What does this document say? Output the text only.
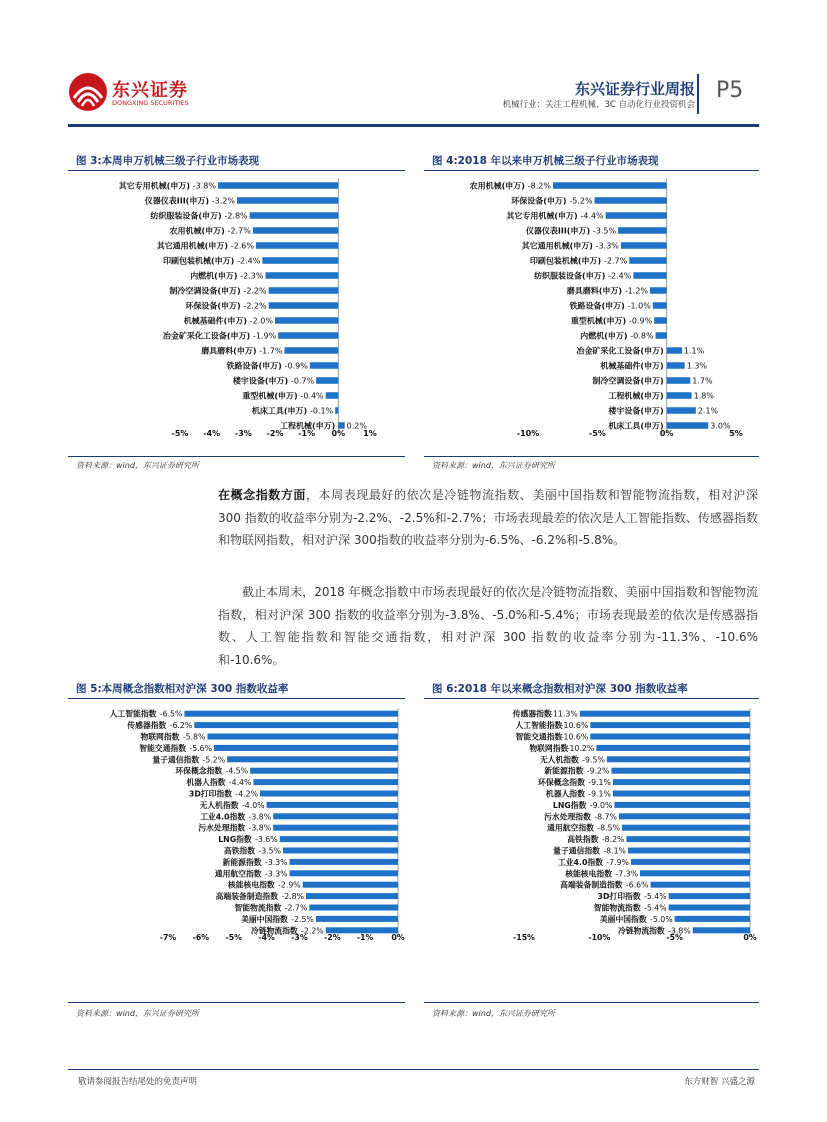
东兴证券
DONGXING SECURITIES
东兴证券行业周报
机械行业：关注工程机械、3C 自动化行业投资机会
P5
图 3:本周申万机械三级子行业市场表现
其它专用机械(申万) -3.8%
仪器仪表III(申万) -3.2%
纺织服装设备(申万) -2.8%
农用机械(申万) -2.7%
其它通用机械(申万) -2.6%
印刷包装机械(申万) -2.4%
内燃机(申万) -2.3%
制冷空调设备(申万) -2.2%
环保设备(申万) -2.2%
机械基础件(申万) -2.0%
冶金矿采化工设备(申万) -1.9%
磨具磨料(申万) -1.7%
铁路设备(申万) -0.9%
楼宇设备(申万) -0.7%
重型机械(申万) -0.4%
机床工具(申万) -0.1%
工程机械(申万) 0.2%
-5% -4% -3% -2% -1% 0% 1%
资料来源：wind，东兴证券研究所
图 4:2018 年以来申万机械三级子行业市场表现
农用机械(申万) -8.2%
环保设备(申万) -5.2%
其它专用机械(申万) -4.4%
仪器仪表III(申万) -3.5%
其它通用机械(申万) -3.3%
印刷包装机械(申万) -2.7%
纺织服装设备(申万) -2.4%
磨具磨料(申万) -1.2%
铁路设备(申万) -1.0%
重型机械(申万) -0.9%
内燃机(申万) -0.8%
冶金矿采化工设备(申万)	1.1%
机械基础件(申万)	1.3%
制冷空调设备(申万)	1.7%
工程机械(申万)	1.8%
楼宇设备(申万)	2.1%
机床工具(申万)	3.0%
-10%	-5%	0%	5%
资料来源：wind，东兴证券研究所
在概念指数方面，本周表现最好的依次是冷链物流指数、美丽中国指数和智能物流指数，相对沪深 300 指数的收益率分别为-2.2%、-2.5%和-2.7%；市场表现最差的依次是人工智能指数、传感器指数和物联网指数，相对沪深 300指数的收益率分别为-6.5%、-6.2%和-5.8%。
截止本周末，2018 年概念指数中市场表现最好的依次是冷链物流指数、美丽中国指数和智能物流指数，相对沪深 300 指数的收益率分别为-3.8%、-5.0%和-5.4%；市场表现最差的依次是传感器指数、人工智能指数和智能交通指数，相对沪深 300 指数的收益率分别为-11.3%、-10.6%和-10.6%。
图 5:本周概念指数相对沪深 300 指数收益率
人工智能指数 -6.5%
传感器指数 -6.2%
物联网指数 -5.8%
智能交通指数 -5.6%
量子通信指数 -5.2%
环保概念指数 -4.5%
机器人指数 -4.4%
3D打印指数 -4.2%
无人机指数 -4.0%
工业4.0指数 -3.8%
污水处理指数 -3.8%
LNG指数 -3.6%
高铁指数 -3.5%
新能源指数 -3.3%
通用航空指数 -3.3%
核能核电指数 -2.9%
高端装备制造指数 -2.8%
智能物流指数 -2.7%
美丽中国指数 -2.5%
冷链物流指数 -2.2%
-7% -6% -5% -4% -3% -2% -1% 0%
资料来源：wind，东兴证券研究所
图 6:2018 年以来概念指数相对沪深 300 指数收益率
传感器指数
-11.3%
人工智能指数
-10.6%
智能交通指数
-10.6%
物联网指数
-10.2%
无人机指数 -9.5%
新能源指数 -9.2%
环保概念指数 -9.1%
机器人指数 -9.1%
LNG指数 -9.0%
污水处理指数 -8.7%
通用航空指数 -8.5%
高铁指数 -8.2%
量子通信指数 -8.1%
工业4.0指数 -7.9%
核能核电指数 -7.3%
高端装备制造指数 -6.6%
3D打印指数 -5.4%
智能物流指数 -5.4%
美丽中国指数 -5.0%
冷链物流指数 -3.8%
-15%	-10%	-5%	0%
资料来源：wind，东兴证券研究所
敬请参阅报告结尾处的免责声明	东方财智 兴盛之源
